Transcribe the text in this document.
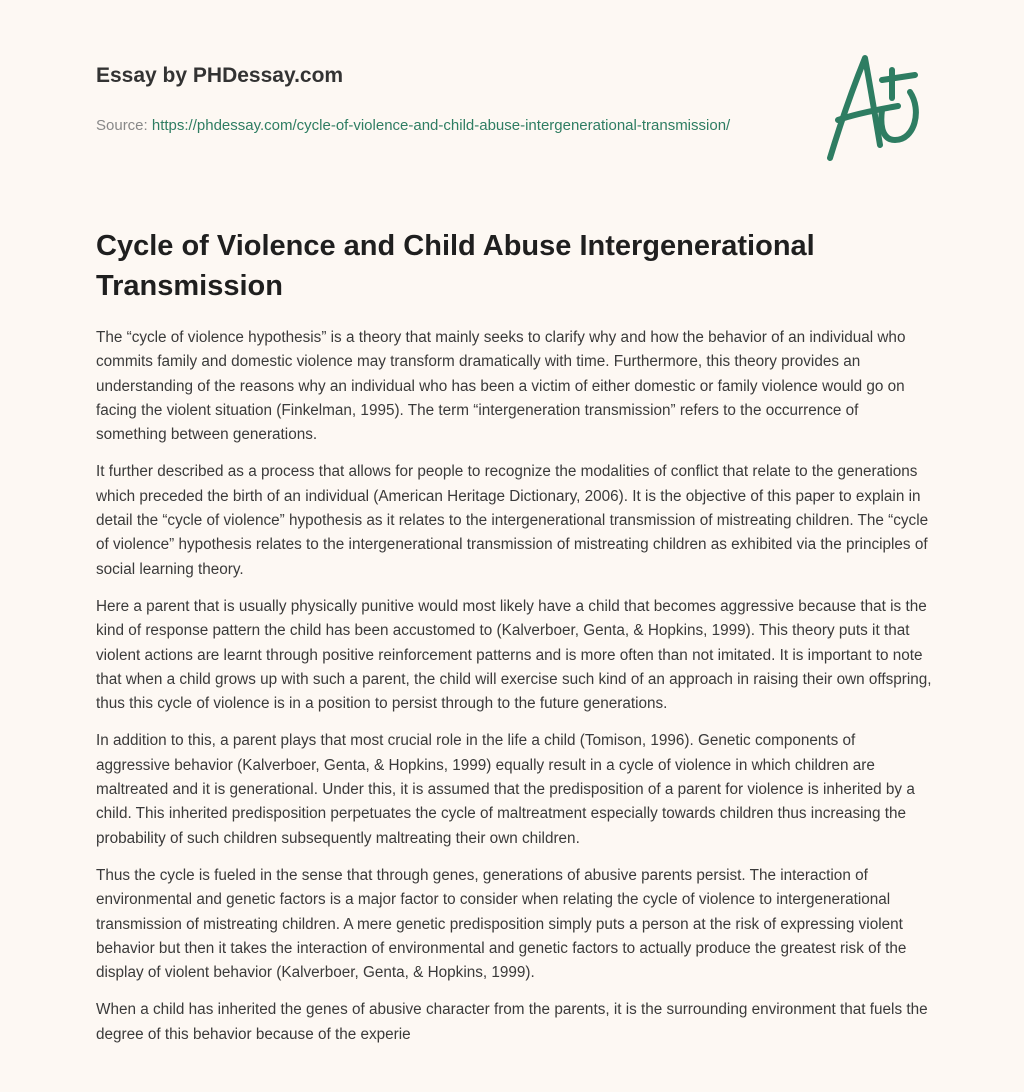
Essay by PHDessay.com
Source: https://phdessay.com/cycle-of-violence-and-child-abuse-intergenerational-transmission/
Cycle of Violence and Child Abuse Intergenerational Transmission

The “cycle of violence hypothesis” is a theory that mainly seeks to clarify why and how the behavior of an individual who commits family and domestic violence may transform dramatically with time. Furthermore, this theory provides an understanding of the reasons why an individual who has been a victim of either domestic or family violence would go on facing the violent situation (Finkelman, 1995). The term “intergeneration transmission” refers to the occurrence of something between generations.

It further described as a process that allows for people to recognize the modalities of conflict that relate to the generations which preceded the birth of an individual (American Heritage Dictionary, 2006). It is the objective of this paper to explain in detail the “cycle of violence” hypothesis as it relates to the intergenerational transmission of mistreating children. The “cycle of violence” hypothesis relates to the intergenerational transmission of mistreating children as exhibited via the principles of social learning theory.

Here a parent that is usually physically punitive would most likely have a child that becomes aggressive because that is the kind of response pattern the child has been accustomed to (Kalverboer, Genta, & Hopkins, 1999). This theory puts it that violent actions are learnt through positive reinforcement patterns and is more often than not imitated. It is important to note that when a child grows up with such a parent, the child will exercise such kind of an approach in raising their own offspring, thus this cycle of violence is in a position to persist through to the future generations.

In addition to this, a parent plays that most crucial role in the life a child (Tomison, 1996). Genetic components of aggressive behavior (Kalverboer, Genta, & Hopkins, 1999) equally result in a cycle of violence in which children are maltreated and it is generational. Under this, it is assumed that the predisposition of a parent for violence is inherited by a child. This inherited predisposition perpetuates the cycle of maltreatment especially towards children thus increasing the probability of such children subsequently maltreating their own children.

Thus the cycle is fueled in the sense that through genes, generations of abusive parents persist. The interaction of environmental and genetic factors is a major factor to consider when relating the cycle of violence to intergenerational transmission of mistreating children. A mere genetic predisposition simply puts a person at the risk of expressing violent behavior but then it takes the interaction of environmental and genetic factors to actually produce the greatest risk of the display of violent behavior (Kalverboer, Genta, & Hopkins, 1999).

When a child has inherited the genes of abusive character from the parents, it is the surrounding environment that fuels the degree of this behavior because of the experie
